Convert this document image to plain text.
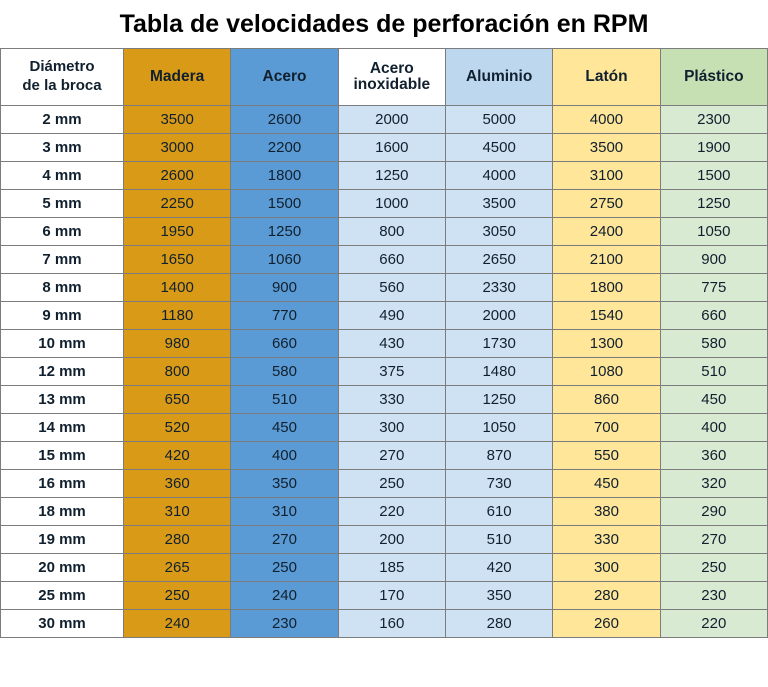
Tabla de velocidades de perforación en RPM
Diámetro
de la broca	Madera	Acero	Acero inoxidable	Aluminio	Latón	Plástico
2 mm	3500	2600	2000	5000	4000	2300
3 mm	3000	2200	1600	4500	3500	1900
4 mm	2600	1800	1250	4000	3100	1500
5 mm	2250	1500	1000	3500	2750	1250
6 mm	1950	1250	800	3050	2400	1050
7 mm	1650	1060	660	2650	2100	900
8 mm	1400	900	560	2330	1800	775
9 mm	1180	770	490	2000	1540	660
10 mm	980	660	430	1730	1300	580
12 mm	800	580	375	1480	1080	510
13 mm	650	510	330	1250	860	450
14 mm	520	450	300	1050	700	400
15 mm	420	400	270	870	550	360
16 mm	360	350	250	730	450	320
18 mm	310	310	220	610	380	290
19 mm	280	270	200	510	330	270
20 mm	265	250	185	420	300	250
25 mm	250	240	170	350	280	230
30 mm	240	230	160	280	260	220
